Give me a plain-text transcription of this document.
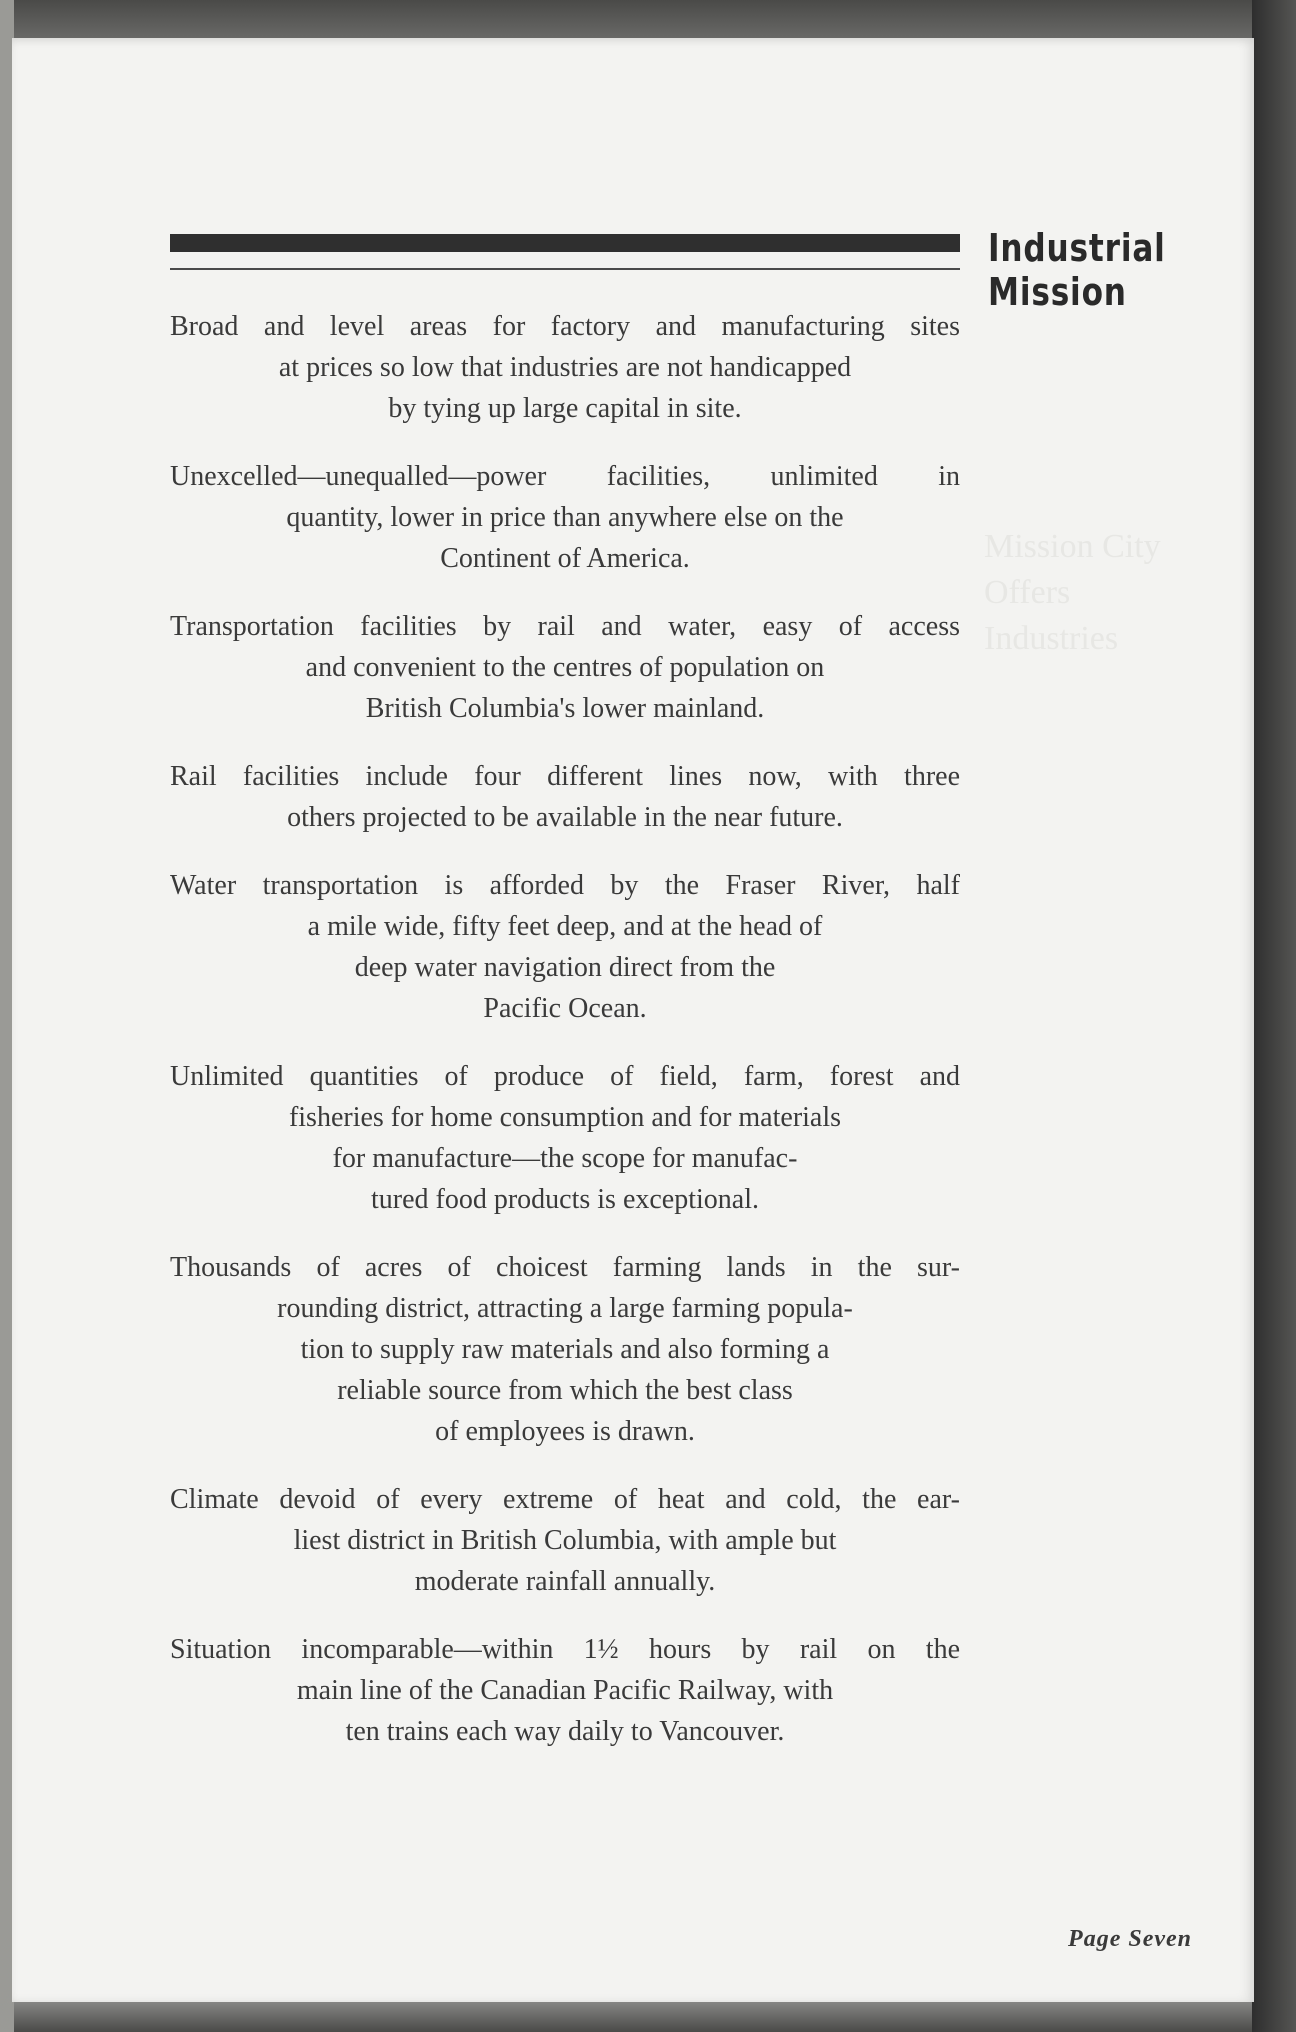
Industrial
Mission
Mission City
Offers
Industries

Broad and level areas for factory and manufacturing sites
at prices so low that industries are not handicapped
by tying up large capital in site.

Unexcelled—unequalled—power facilities, unlimited in
quantity, lower in price than anywhere else on the
Continent of America.

Transportation facilities by rail and water, easy of access
and convenient to the centres of population on
British Columbia's lower mainland.

Rail facilities include four different lines now, with three
others projected to be available in the near future.

Water transportation is afforded by the Fraser River, half
a mile wide, fifty feet deep, and at the head of
deep water navigation direct from the
Pacific Ocean.

Unlimited quantities of produce of field, farm, forest and
fisheries for home consumption and for materials
for manufacture—the scope for manufac-
tured food products is exceptional.

Thousands of acres of choicest farming lands in the sur-
rounding district, attracting a large farming popula-
tion to supply raw materials and also forming a
reliable source from which the best class
of employees is drawn.

Climate devoid of every extreme of heat and cold, the ear-
liest district in British Columbia, with ample but
moderate rainfall annually.

Situation incomparable—within 1½ hours by rail on the
main line of the Canadian Pacific Railway, with
ten trains each way daily to Vancouver.

Page Seven
